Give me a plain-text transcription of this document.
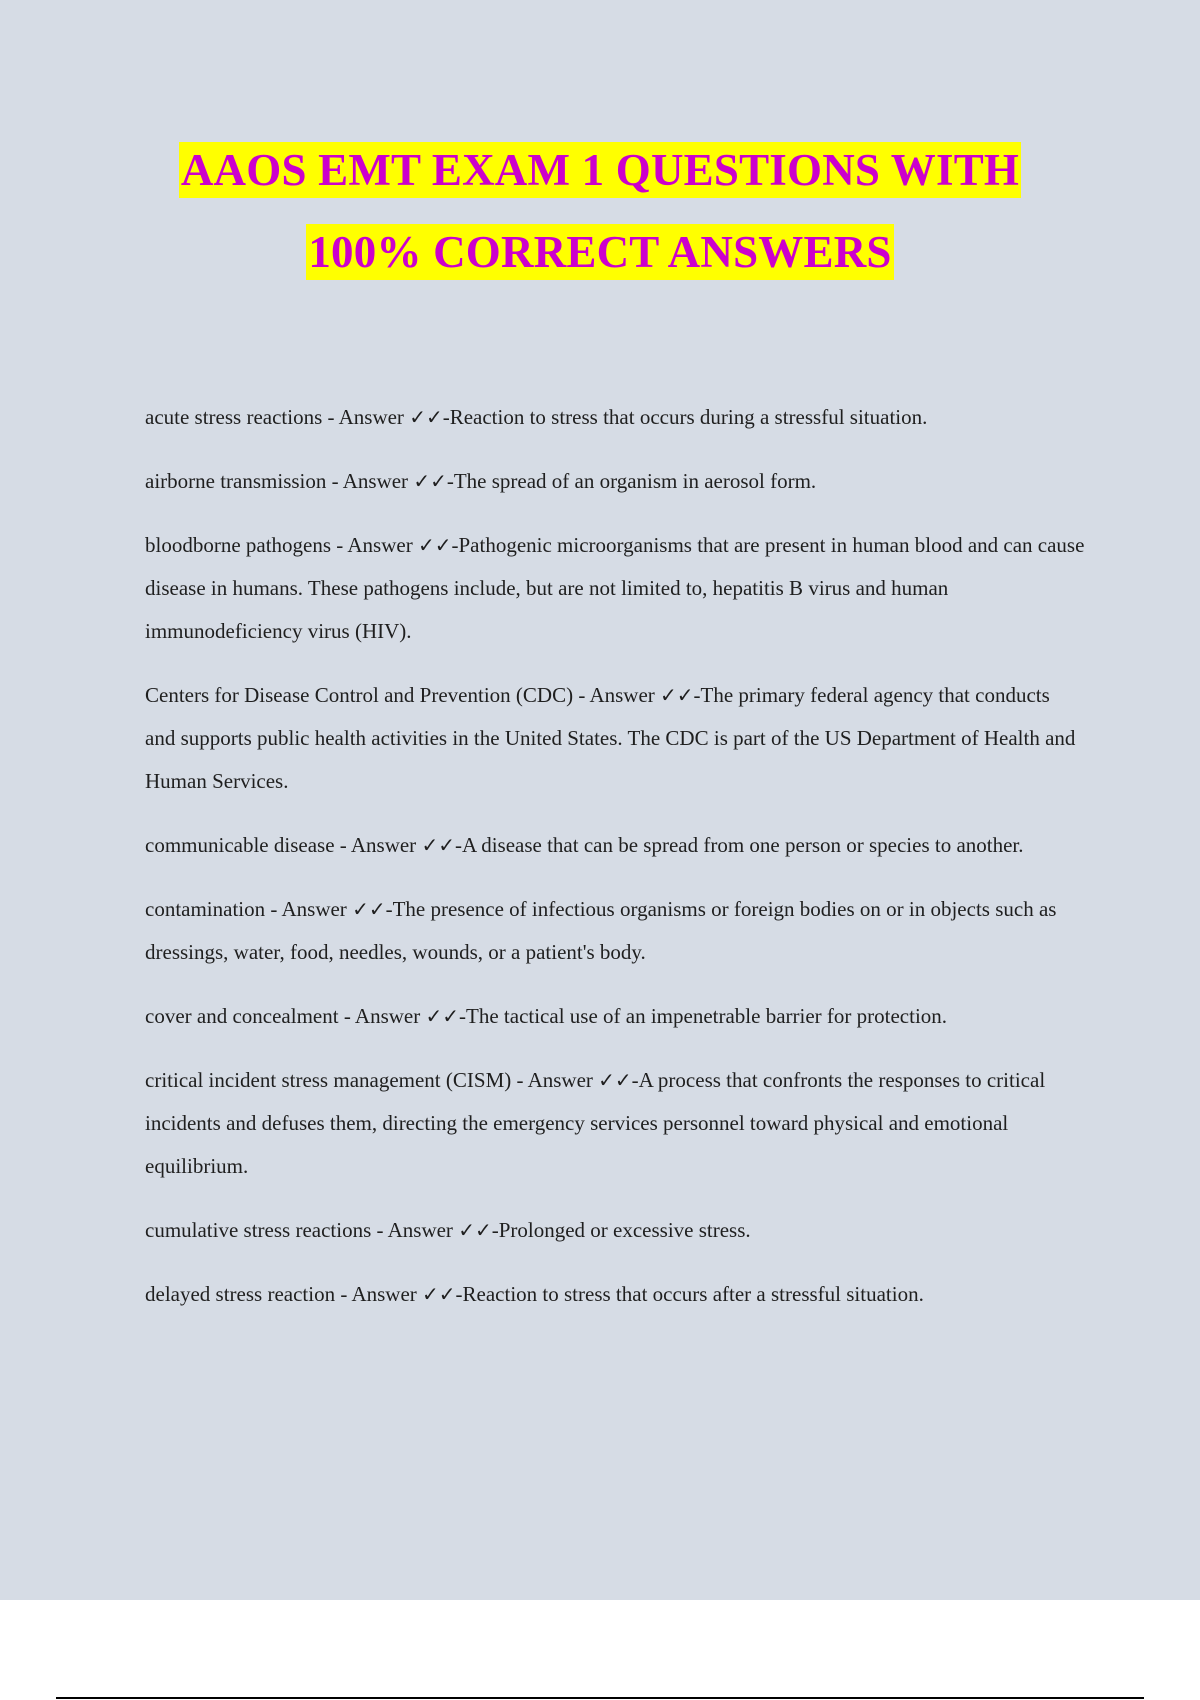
AAOS EMT EXAM 1 QUESTIONS WITH
100% CORRECT ANSWERS

acute stress reactions - Answer ✓✓-Reaction to stress that occurs during a stressful situation.

airborne transmission - Answer ✓✓-The spread of an organism in aerosol form.

bloodborne pathogens - Answer ✓✓-Pathogenic microorganisms that are present in human blood and can cause disease in humans. These pathogens include, but are not limited to, hepatitis B virus and human immunodeficiency virus (HIV).

Centers for Disease Control and Prevention (CDC) - Answer ✓✓-The primary federal agency that conducts and supports public health activities in the United States. The CDC is part of the US Department of Health and Human Services.

communicable disease - Answer ✓✓-A disease that can be spread from one person or species to another.

contamination - Answer ✓✓-The presence of infectious organisms or foreign bodies on or in objects such as dressings, water, food, needles, wounds, or a patient's body.

cover and concealment - Answer ✓✓-The tactical use of an impenetrable barrier for protection.

critical incident stress management (CISM) - Answer ✓✓-A process that confronts the responses to critical incidents and defuses them, directing the emergency services personnel toward physical and emotional equilibrium.

cumulative stress reactions - Answer ✓✓-Prolonged or excessive stress.

delayed stress reaction - Answer ✓✓-Reaction to stress that occurs after a stressful situation.
